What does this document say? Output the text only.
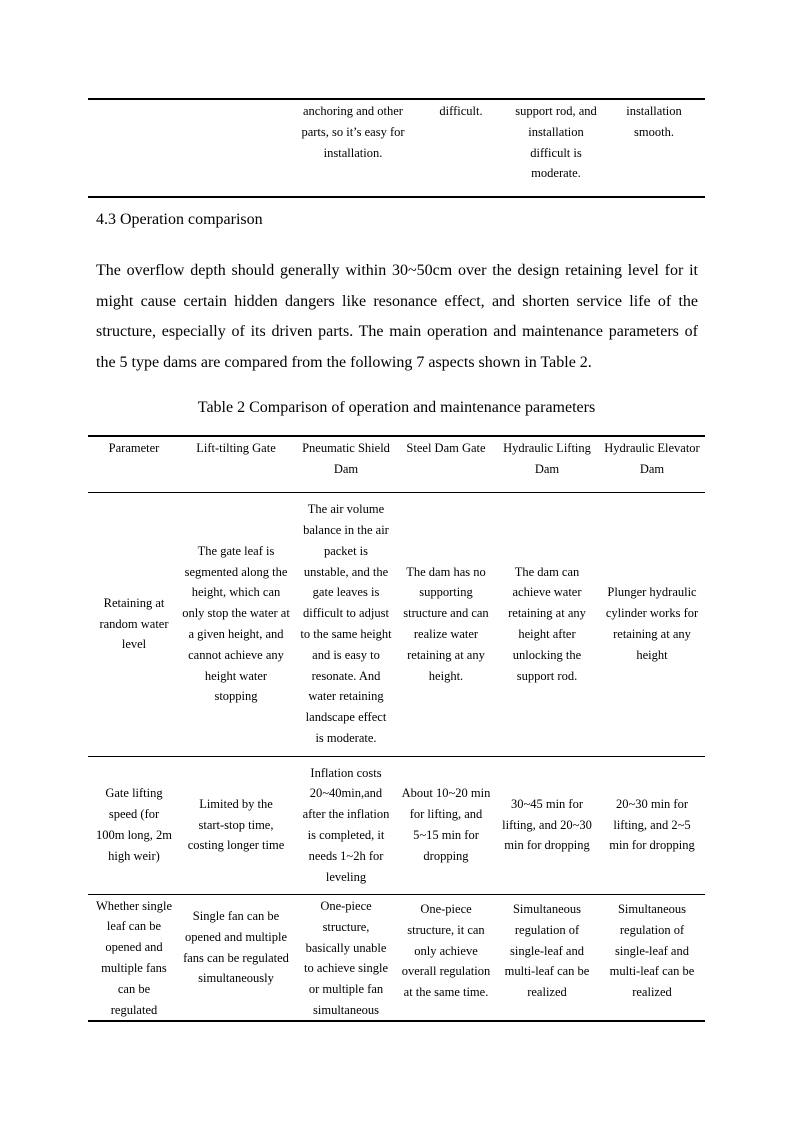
anchoring and other
parts, so it’s easy for
installation.
difficult.	support rod, and
installation
difficult is
moderate.
installation
smooth.
4.3 Operation comparison
The overflow depth should generally within 30~50cm over the design retaining level for it might cause certain hidden dangers like resonance effect, and shorten service life of the structure, especially of its driven parts. The main operation and maintenance parameters of the 5 type dams are compared from the following 7 aspects shown in Table 2.
Table 2 Comparison of operation and maintenance parameters
Parameter	Lift-tilting Gate Pneumatic Shield
Dam
Steel Dam Gate Hydraulic Lifting
Dam
Hydraulic Elevator
Dam
Retaining at
random water
level
The gate leaf is
segmented along the
height, which can
only stop the water at
a given height, and
cannot achieve any
height water
stopping
The air volume
balance in the air
packet is
unstable, and the
gate leaves is
difficult to adjust
to the same height
and is easy to
resonate. And
water retaining
landscape effect
is moderate.
The dam has no
supporting
structure and can
realize water
retaining at any
height.
The dam can
achieve water
retaining at any
height after
unlocking the
support rod.
Plunger hydraulic
cylinder works for
retaining at any
height
Gate lifting
speed (for
100m long, 2m
high weir)
Limited by the
start-stop time,
costing longer time
Inflation costs
20~40min,and
after the inflation
is completed, it
needs 1~2h for
leveling
About 10~20 min
for lifting, and
5~15 min for
dropping
30~45 min for
lifting, and 20~30
min for dropping
20~30 min for
lifting, and 2~5
min for dropping
Whether single
leaf can be
opened and
multiple fans
can be
regulated
Single fan can be
opened and multiple
fans can be regulated
simultaneously
One-piece
structure,
basically unable
to achieve single
or multiple fan
simultaneous
One-piece
structure, it can
only achieve
overall regulation
at the same time.
Simultaneous
regulation of
single-leaf and
multi-leaf can be
realized
Simultaneous
regulation of
single-leaf and
multi-leaf can be
realized
